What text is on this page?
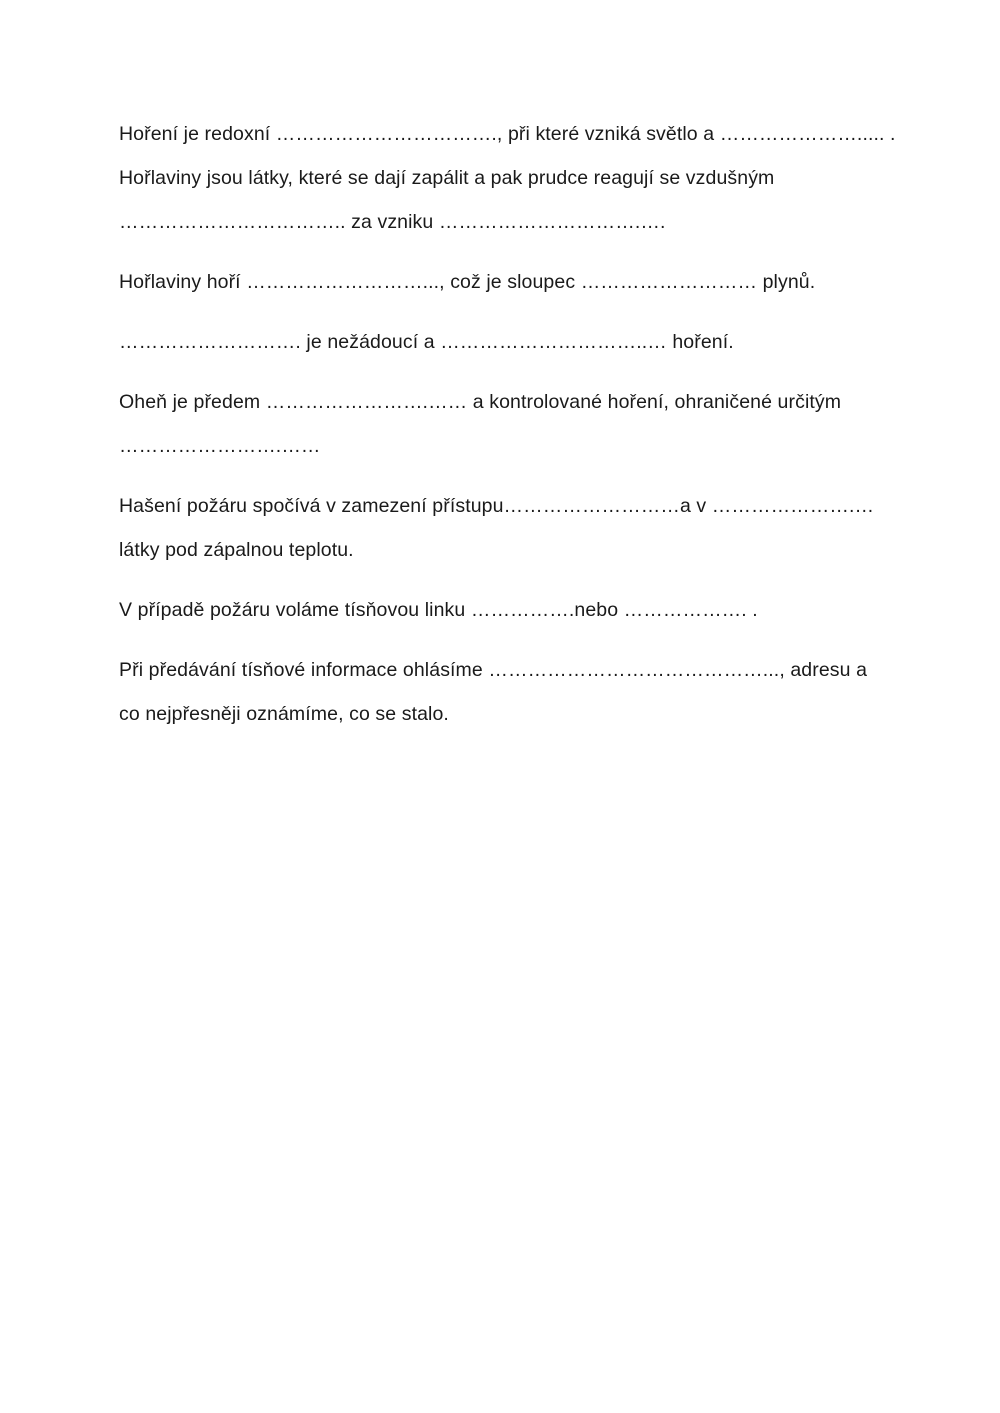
Hoření je redoxní ……………………………., při které vzniká světlo a …………………..... .
Hořlaviny jsou látky, které se dají zapálit a pak prudce reagují se vzdušným
…………………………….. za vzniku ………………………….….
Hořlaviny hoří ………………………..., což je sloupec ……………………… plynů.
………………………. je nežádoucí a …………………………..… hoření.
Oheň je předem …………………….…… a kontrolované hoření, ohraničené určitým
…………………….……
Hašení požáru spočívá v zamezení přístupu………………………a v ………………….…
látky pod zápalnou teplotu.
V případě požáru voláme tísňovou linku …………….nebo ………………. .
Při předávání tísňové informace ohlásíme ……………………………………..., adresu a
co nejpřesněji oznámíme, co se stalo.
